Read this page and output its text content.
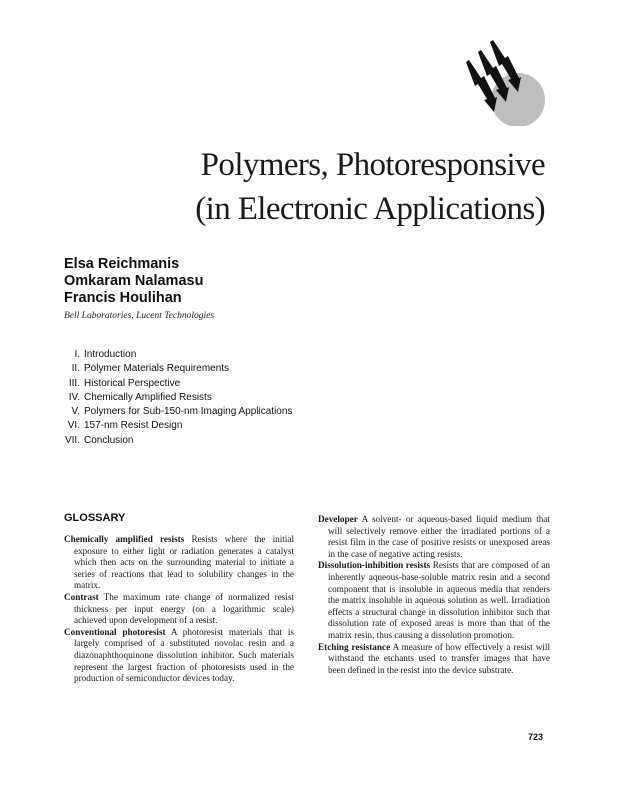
Polymers, Photoresponsive
(in Electronic Applications)
Elsa Reichmanis
Omkaram Nalamasu
Francis Houlihan
Bell Laboratories, Lucent Technologies
I. Introduction
II. Polymer Materials Requirements
III. Historical Perspective
IV. Chemically Amplified Resists
V. Polymers for Sub-150-nm Imaging Applications
VI. 157-nm Resist Design
VII. Conclusion
GLOSSARY

Chemically amplified resists Resists where the initial exposure to either light or radiation generates a catalyst which then acts on the surrounding material to initiate a series of reactions that lead to solubility changes in the matrix.

Contrast The maximum rate change of normalized resist thickness per input energy (on a logarithmic scale) achieved upon development of a resist.

Conventional photoresist A photoresist materials that is largely comprised of a substituted novolac resin and a diazonaphthoquinone dissolution inhibitor. Such materials represent the largest fraction of photoresists used in the production of semiconductor devices today.

Developer A solvent- or aqueous-based liquid medium that will selectively remove either the irradiated portions of a resist film in the case of positive resists or unexposed areas in the case of negative acting resists.

Dissolution-inhibition resists Resists that are composed of an inherently aqueous-base-soluble matrix resin and a second component that is insoluble in aqueous media that renders the matrix insoluble in aqueous solution as well. Irradiation effects a structural change in dissolution inhibitor such that dissolution rate of exposed areas is more than that of the matrix resin, thus causing a dissolution promotion.

Etching resistance A measure of how effectively a resist will withstand the etchants used to transfer images that have been defined in the resist into the device substrate.

723
